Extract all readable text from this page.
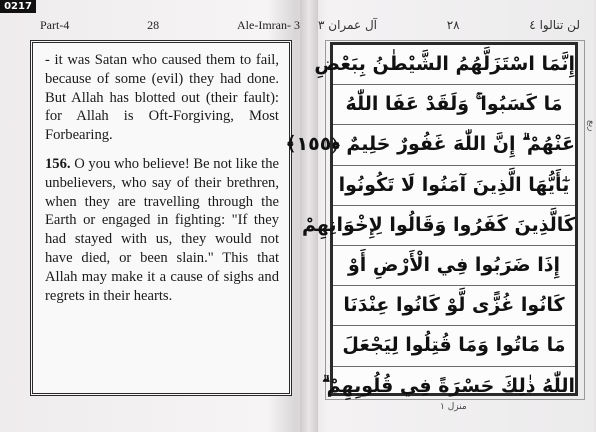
0217
Part-4	28	Ale-Imran- 3 آل عمران ٣	٢٨	لن تنالوا ٤

- it was Satan who caused them to fail, because of some (evil) they had done. But Allah has blotted out (their fault): for Allah is Oft-Forgiving, Most Forbearing.

156. O you who believe! Be not like the unbelievers, who say of their brethren, when they are travelling through the Earth or engaged in fighting: "If they had stayed with us, they would not have died, or been slain." This that Allah may make it a cause of sighs and regrets in their hearts.

إِنَّمَا اسْتَزَلَّهُمُ الشَّيْطٰنُ بِبَعْضِ
مَا كَسَبُوا ۚ وَلَقَدْ عَفَا اللّٰهُ
عَنْهُمْ ۗ إِنَّ اللّٰهَ غَفُورٌ حَلِيمٌ ﴿١٥٥﴾
يٰٓأَيُّهَا الَّذِينَ آمَنُوا لَا تَكُونُوا
كَالَّذِينَ كَفَرُوا وَقَالُوا لِإِخْوَانِهِمْ
إِذَا ضَرَبُوا فِي الْأَرْضِ أَوْ
كَانُوا غُزًّى لَّوْ كَانُوا عِنْدَنَا
مَا مَاتُوا وَمَا قُتِلُوا لِيَجْعَلَ
اللّٰهُ ذٰلِكَ حَسْرَةً فِي قُلُوبِهِمْ ۗ
ربع
منزل ١
